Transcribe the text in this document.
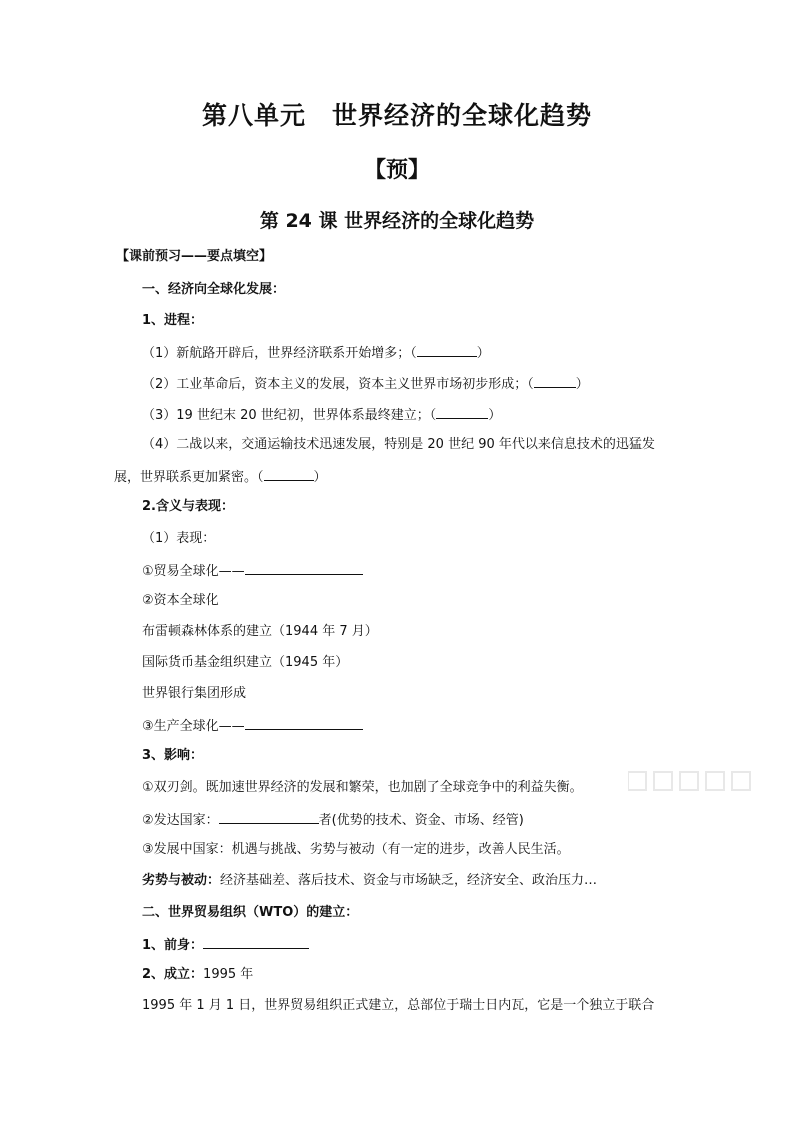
第八单元　世界经济的全球化趋势
【预】
第 24 课 世界经济的全球化趋势
【课前预习——要点填空】
一、经济向全球化发展：
1、进程：
（1）新航路开辟后，世界经济联系开始增多；（	）
（2）工业革命后，资本主义的发展，资本主义世界市场初步形成；（	）
（3）19 世纪末 20 世纪初，世界体系最终建立；（	）
（4）二战以来，交通运输技术迅速发展，特别是 20 世纪 90 年代以来信息技术的迅猛发
展，世界联系更加紧密。（	）
2.含义与表现：
（1）表现：
①贸易全球化——
②资本全球化
布雷顿森林体系的建立（1944 年 7 月）
国际货币基金组织建立（1945 年）
世界银行集团形成
③生产全球化——
3、影响：
①双刃剑。既加速世界经济的发展和繁荣，也加剧了全球竞争中的利益失衡。
②发达国家：	者(优势的技术、资金、市场、经管)
③发展中国家：机遇与挑战、劣势与被动（有一定的进步，改善人民生活。
劣势与被动：经济基础差、落后技术、资金与市场缺乏，经济安全、政治压力…
二、世界贸易组织（WTO）的建立：
1、前身：
2、成立：1995 年
1995 年 1 月 1 日，世界贸易组织正式建立，总部位于瑞士日内瓦，它是一个独立于联合
